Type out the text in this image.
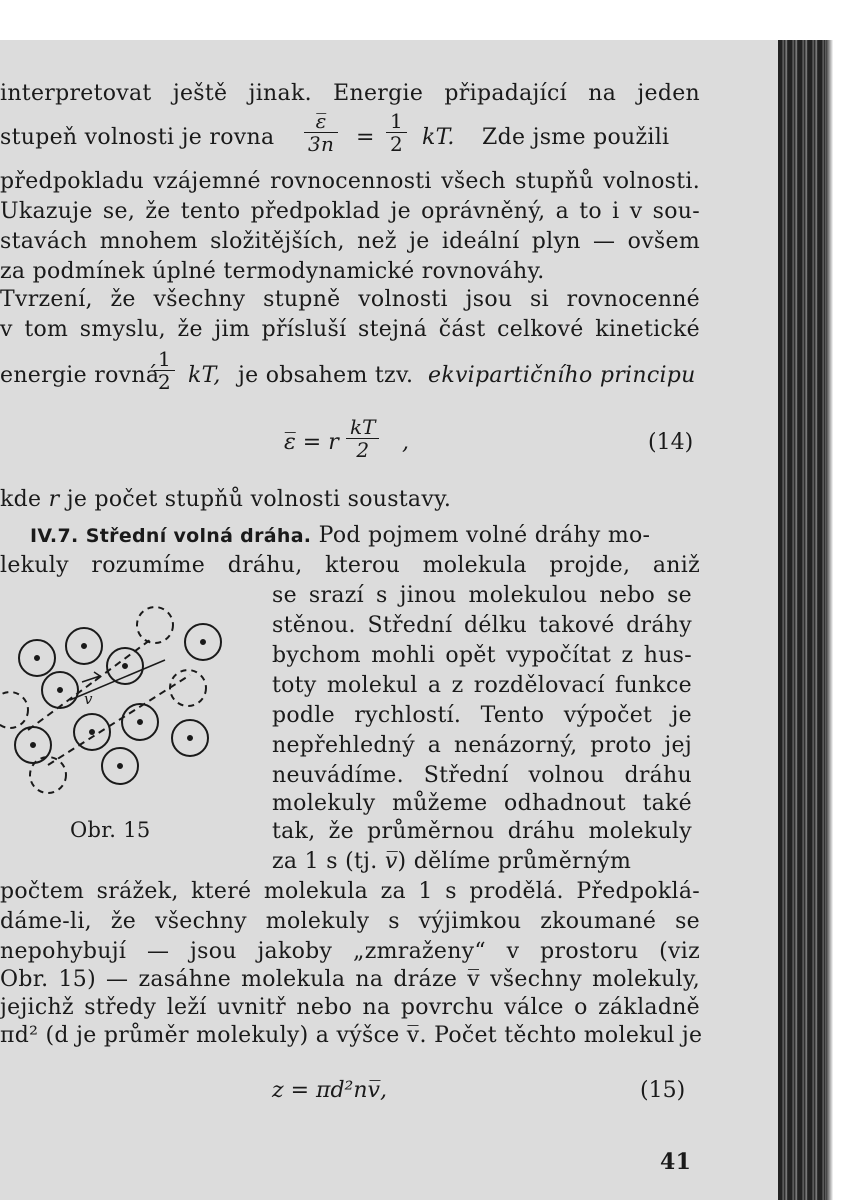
interpretovat ještě jinak. Energie připadající na jeden
stupeň volnosti je rovna $\frac{\varepsilon̅}{3n} = \frac{1}{2}$ kT. Zde jsme použili
předpokladu vzájemné rovnocennosti všech stupňů volnosti.
Ukazuje se, že tento předpoklad je oprávněný, a to i v sou-
stavách mnohem složitějších, než je ideální plyn — ovšem
za podmínek úplné termodynamické rovnováhy.
Tvrzení, že všechny stupně volnosti jsou si rovnocenné
v tom smyslu, že jim přísluší stejná část celkové kinetické
energie rovná
$\frac{1}{2}$ kT, je obsahem tzv. ekvipartičního principu
ε̅ = r $\frac{kT}{2}$ ,	(14)
kde r je počet stupňů volnosti soustavy.
IV.7. Střední volná dráha. Pod pojmem volné dráhy mo-
lekuly rozumíme dráhu, kterou molekula projde, aniž
se srazí s jinou molekulou nebo se
stěnou. Střední délku takové dráhy
bychom mohli opět vypočítat z hus-
toty molekul a z rozdělovací funkce
podle rychlostí. Tento výpočet je
nepřehledný a nenázorný, proto jej
neuvádíme. Střední volnou dráhu
molekuly můžeme odhadnout také
tak, že průměrnou dráhu molekuly
za 1 s (tj. v̅) dělíme průměrným
v
Obr. 15
počtem srážek, které molekula za 1 s prodělá. Předpoklá-
dáme-li, že všechny molekuly s výjimkou zkoumané se
nepohybují — jsou jakoby „zmraženy“ v prostoru (viz
Obr. 15) — zasáhne molekula na dráze v̅ všechny molekuly,
jejichž středy leží uvnitř nebo na povrchu válce o základně
πd² (d je průměr molekuly) a výšce v̅. Počet těchto molekul je
z = πd²nv̅,	(15)
41
